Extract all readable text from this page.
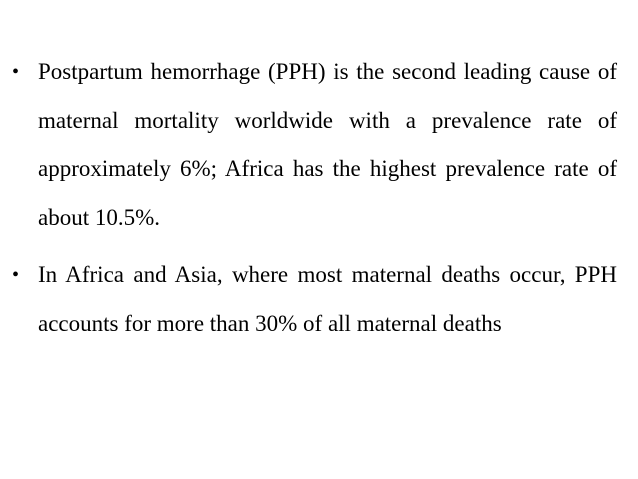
• Postpartum hemorrhage (PPH) is the second leading cause of maternal mortality worldwide with a prevalence rate of approximately 6%; Africa has the highest prevalence rate of about 10.5%.
• In Africa and Asia, where most maternal deaths occur, PPH accounts for more than 30% of all maternal deaths
